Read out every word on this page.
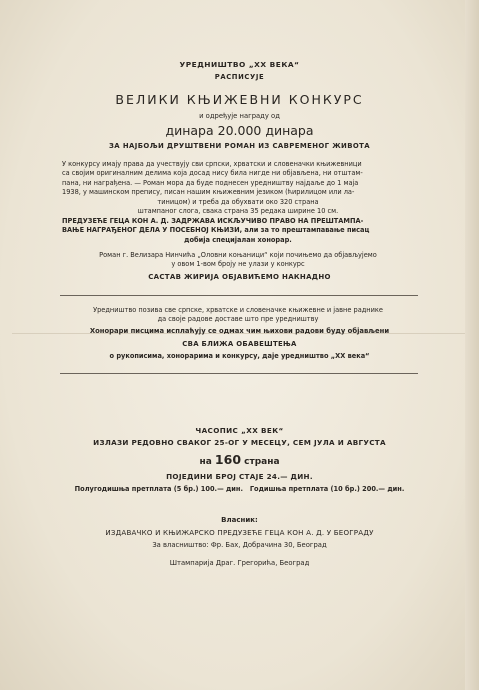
УРЕДНИШТВО „XX ВЕКА“
РАСПИСУЈЕ
ВЕЛИКИ КЊИЖЕВНИ КОНКУРС
и одређује награду од
динара 20.000 динара
ЗА НАЈБОЉИ ДРУШТВЕНИ РОМАН ИЗ САВРЕМЕНОГ ЖИВОТА
У конкурсу имају права да учествују сви српски, хрватски и словеначки књижевници
са својим оригиналним делима која досад нису била нигде ни објављена, ни отштам-
пана, ни награђена. — Роман мора да буде поднесен уредништву најдаље до 1 маја
1938, у машинском препису, писан нашим књижевним језиком (ћирилицом или ла-
тиницом) и треба да обухвати око 320 страна
штампаног слога, свака страна 35 редака ширине 10 см.
ПРЕДУЗЕЋЕ ГЕЦА КОН А. Д. ЗАДРЖАВА ИСКЉУЧИВО ПРАВО НА ПРЕШТАМПА-
ВАЊЕ НАГРАЂЕНОГ ДЕЛА У ПОСЕБНОЈ КЊИЗИ, али за то прештампавање писац
добија специјалан хонорар.
Роман г. Велизара Нинчића „Оловни коњаници“ који почињемо да објављујемо
у овом 1-вом броју не улази у конкурс
САСТАВ ЖИРИЈА ОБЈАВИЋЕМО НАКНАДНО
Уредништво позива све српске, хрватске и словеначке књижевне и јавне раднике
да своје радове доставе што пре уредништву
Хонорари писцима исплаћују се одмах чим њихови радови буду објављени
СВА БЛИЖА ОБАВЕШТЕЊА
о рукописима, хонорарима и конкурсу, даје уредништво „XX века“
ЧАСОПИС „XX ВЕК“
ИЗЛАЗИ РЕДОВНО СВАКОГ 25-ОГ У МЕСЕЦУ, СЕМ ЈУЛА И АВГУСТА
на 160 страна
ПОЈЕДИНИ БРОЈ СТАЈЕ 24.— ДИН.
Полугодишња претплата (5 бр.) 100.— дин.   Годишња претплата (10 бр.) 200.— дин.
Власник:
ИЗДАВАЧКО И КЊИЖАРСКО ПРЕДУЗЕЋЕ ГЕЦА КОН А. Д. У БЕОГРАДУ
За власништво: Фр. Бах, Добрачина 30, Београд
Штампарија Драг. Грегорића, Београд
